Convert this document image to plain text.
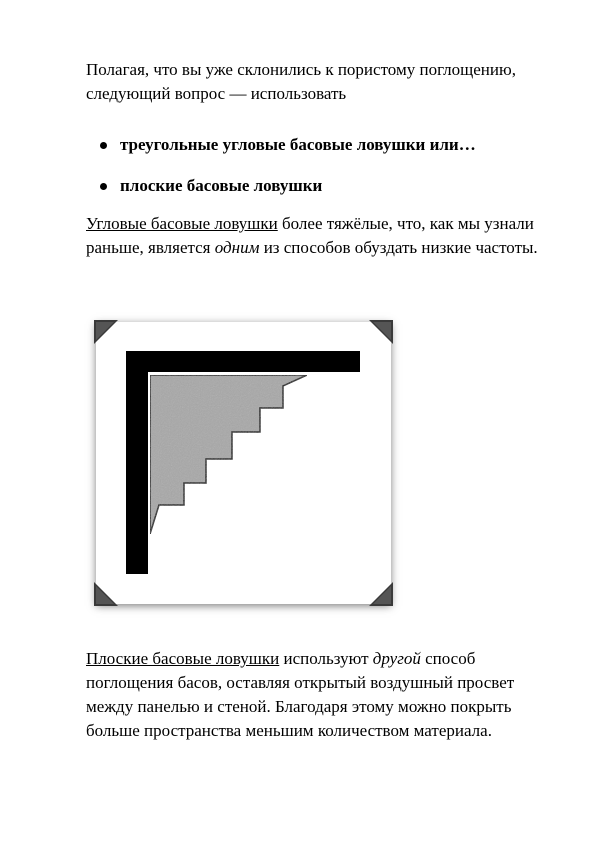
Полагая, что вы уже склонились к пористому поглощению, следующий вопрос — использовать

треугольные угловые басовые ловушки или…
плоские басовые ловушки

Угловые басовые ловушки более тяжёлые, что, как мы узнали раньше, является одним из способов обуздать низкие частоты.

Плоские басовые ловушки используют другой способ поглощения басов, оставляя открытый воздушный просвет между панелью и стеной. Благодаря этому можно покрыть больше пространства меньшим количеством материала.
